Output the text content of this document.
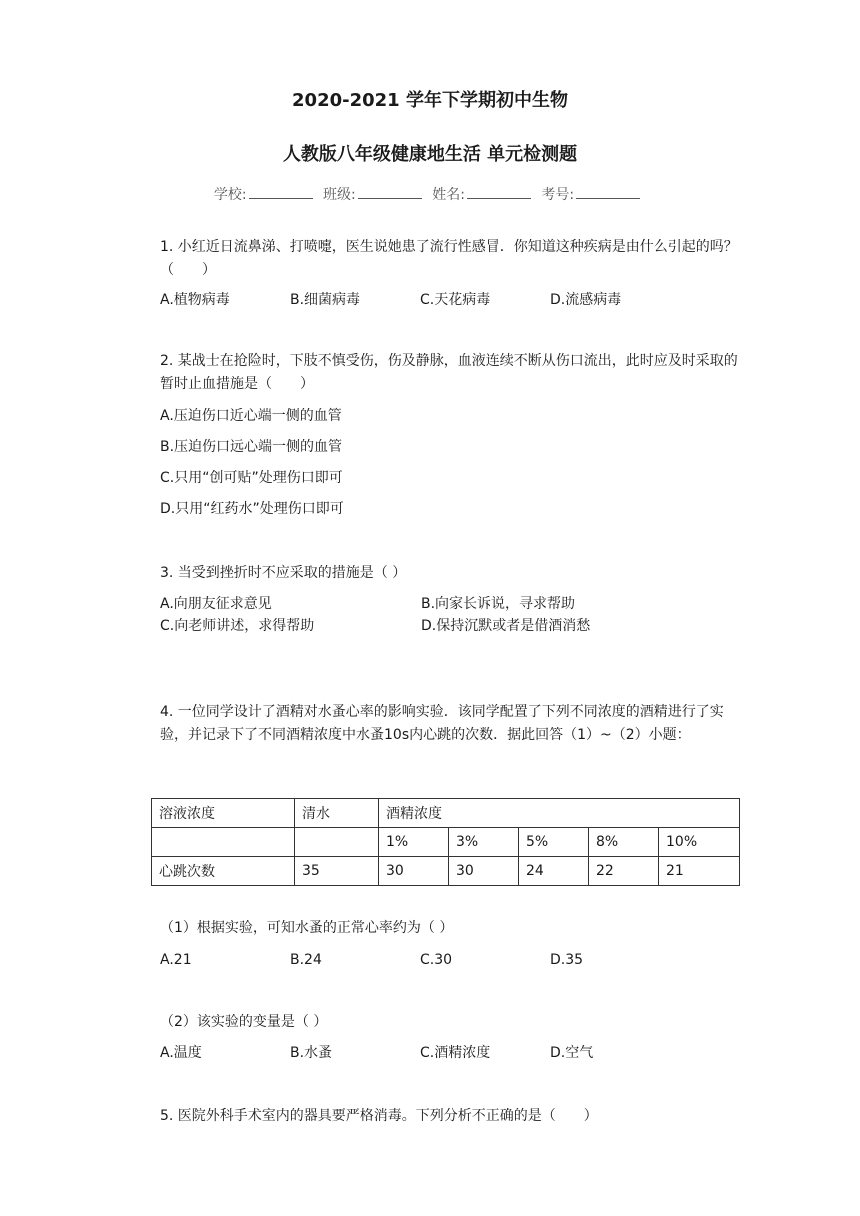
2020-2021 学年下学期初中生物
人教版八年级健康地生活 单元检测题
学校:	班级:	姓名:	考号:
1. 小红近日流鼻涕、打喷嚏，医生说她患了流行性感冒．你知道这种疾病是由什么引起的吗？（　　）
A.植物病毒	B.细菌病毒	C.天花病毒	D.流感病毒
2. 某战士在抢险时，下肢不慎受伤，伤及静脉，血液连续不断从伤口流出，此时应及时采取的暂时止血措施是（　　）
A.压迫伤口近心端一侧的血管
B.压迫伤口远心端一侧的血管
C.只用“创可贴”处理伤口即可
D.只用“红药水”处理伤口即可
3. 当受到挫折时不应采取的措施是（ ）
A.向朋友征求意见	B.向家长诉说，寻求帮助
C.向老师讲述，求得帮助	D.保持沉默或者是借酒消愁
4. 一位同学设计了酒精对水蚤心率的影响实验．该同学配置了下列不同浓度的酒精进行了实验，并记录下了不同酒精浓度中水蚤10s内心跳的次数．据此回答（1）~（2）小题：
溶液浓度	清水	酒精浓度				
		1%	3%	5%	8%	10%
心跳次数	35	30	30	24	22	21
（1）根据实验，可知水蚤的正常心率约为（ ）
A.21	B.24	C.30	D.35
（2）该实验的变量是（ ）
A.温度	B.水蚤	C.酒精浓度	D.空气
5. 医院外科手术室内的器具要严格消毒。下列分析不正确的是（　　）
